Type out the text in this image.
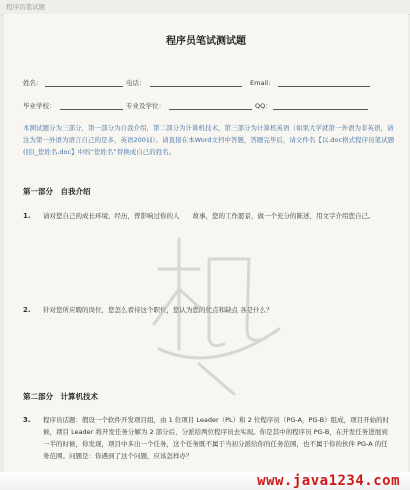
程序员笔试题
程序员笔试测试题
姓名：	电话：	Email：
毕业学校：	专业及学位：	QQ：
本测试题分为三部分，第一部分为自我介绍，第二部分为计算机技术，第三部分为计算机英语（如果大学就第一外语为非英语，请注为第一外语为语言自己的是多，英语200词）。请直接在本Word文档中答题，答题完毕后，请文件名【以.doc格式程序员笔试题(回)_您姓名.doc】中的“您姓名”替换成自己的姓名。
第一部分　自我介绍
1. 请对您自己的成长环境、经历，曾影响过你的人　　故事，您的工作愿景，做一个充分的陈述，用文字介绍您自己。
2. 针对您所应聘的岗位，您怎么看待这个职位，您认为您的优点和缺点 各是什么？
第二部分　计算机技术
3. 程序员话题：假设一个软件开发项目组，由 1 位项目 Leader（PL）和 2 位程序员（PG-A，PG-B）组成，项目开始的时候，项目 Leader 将开发任务分解为 2 部分后，分派给两位程序员去实现。你是其中的程序员 PG-B，在开发任务进展到一半的时候，你发现，项目中多出一个任务，这个任务既不属于当初分派给你的任务范围，也不属于你的伙伴 PG-A 的任务范围。问题是：你遇到了这个问题，应该怎样办？
www.java1234.com
